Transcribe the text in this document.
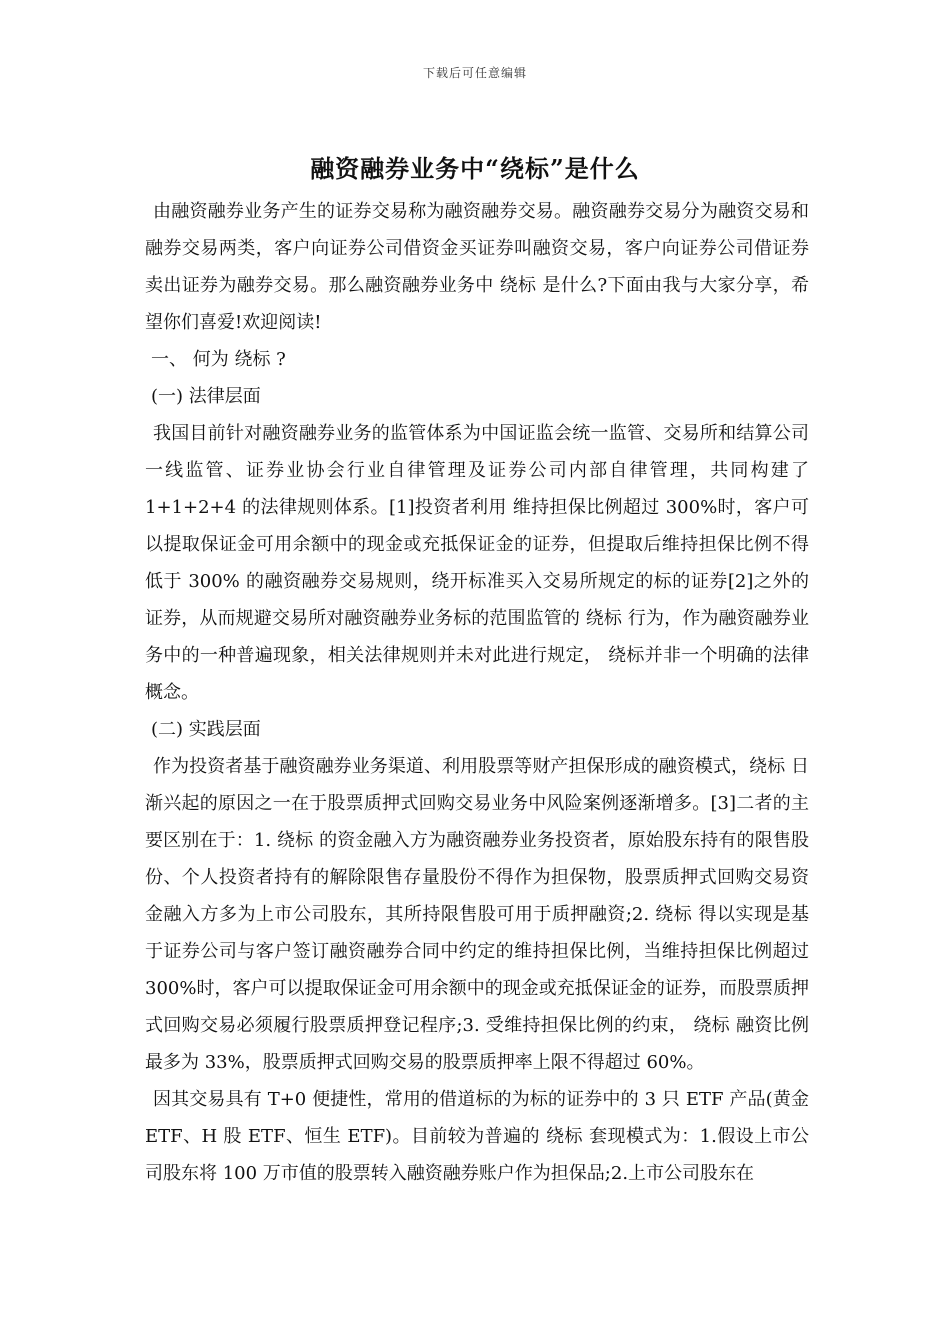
下载后可任意编辑
融资融券业务中“绕标”是什么

由融资融券业务产生的证券交易称为融资融券交易。融资融券交易分为融资交易和融券交易两类，客户向证券公司借资金买证券叫融资交易，客户向证券公司借证券卖出证券为融券交易。那么融资融券业务中 绕标 是什么?下面由我与大家分享，希望你们喜爱!欢迎阅读!

一、 何为 绕标 ?

(一) 法律层面

我国目前针对融资融券业务的监管体系为中国证监会统一监管、交易所和结算公司一线监管、证券业协会行业自律管理及证券公司内部自律管理，共同构建了 1+1+2+4 的法律规则体系。[1]投资者利用 维持担保比例超过 300%时，客户可以提取保证金可用余额中的现金或充抵保证金的证券，但提取后维持担保比例不得低于 300% 的融资融券交易规则，绕开标准买入交易所规定的标的证券[2]之外的证券，从而规避交易所对融资融券业务标的范围监管的 绕标 行为，作为融资融券业务中的一种普遍现象，相关法律规则并未对此进行规定， 绕标并非一个明确的法律概念。

(二) 实践层面

作为投资者基于融资融券业务渠道、利用股票等财产担保形成的融资模式，绕标 日渐兴起的原因之一在于股票质押式回购交易业务中风险案例逐渐增多。[3]二者的主要区别在于：1. 绕标 的资金融入方为融资融券业务投资者，原始股东持有的限售股份、个人投资者持有的解除限售存量股份不得作为担保物，股票质押式回购交易资金融入方多为上市公司股东，其所持限售股可用于质押融资;2. 绕标 得以实现是基于证券公司与客户签订融资融券合同中约定的维持担保比例，当维持担保比例超过 300%时，客户可以提取保证金可用余额中的现金或充抵保证金的证券，而股票质押式回购交易必须履行股票质押登记程序;3. 受维持担保比例的约束， 绕标 融资比例最多为 33%，股票质押式回购交易的股票质押率上限不得超过 60%。

因其交易具有 T+0 便捷性，常用的借道标的为标的证券中的 3 只 ETF 产品(黄金 ETF、H 股 ETF、恒生 ETF)。目前较为普遍的 绕标 套现模式为：1.假设上市公司股东将 100 万市值的股票转入融资融券账户作为担保品;2.上市公司股东在
